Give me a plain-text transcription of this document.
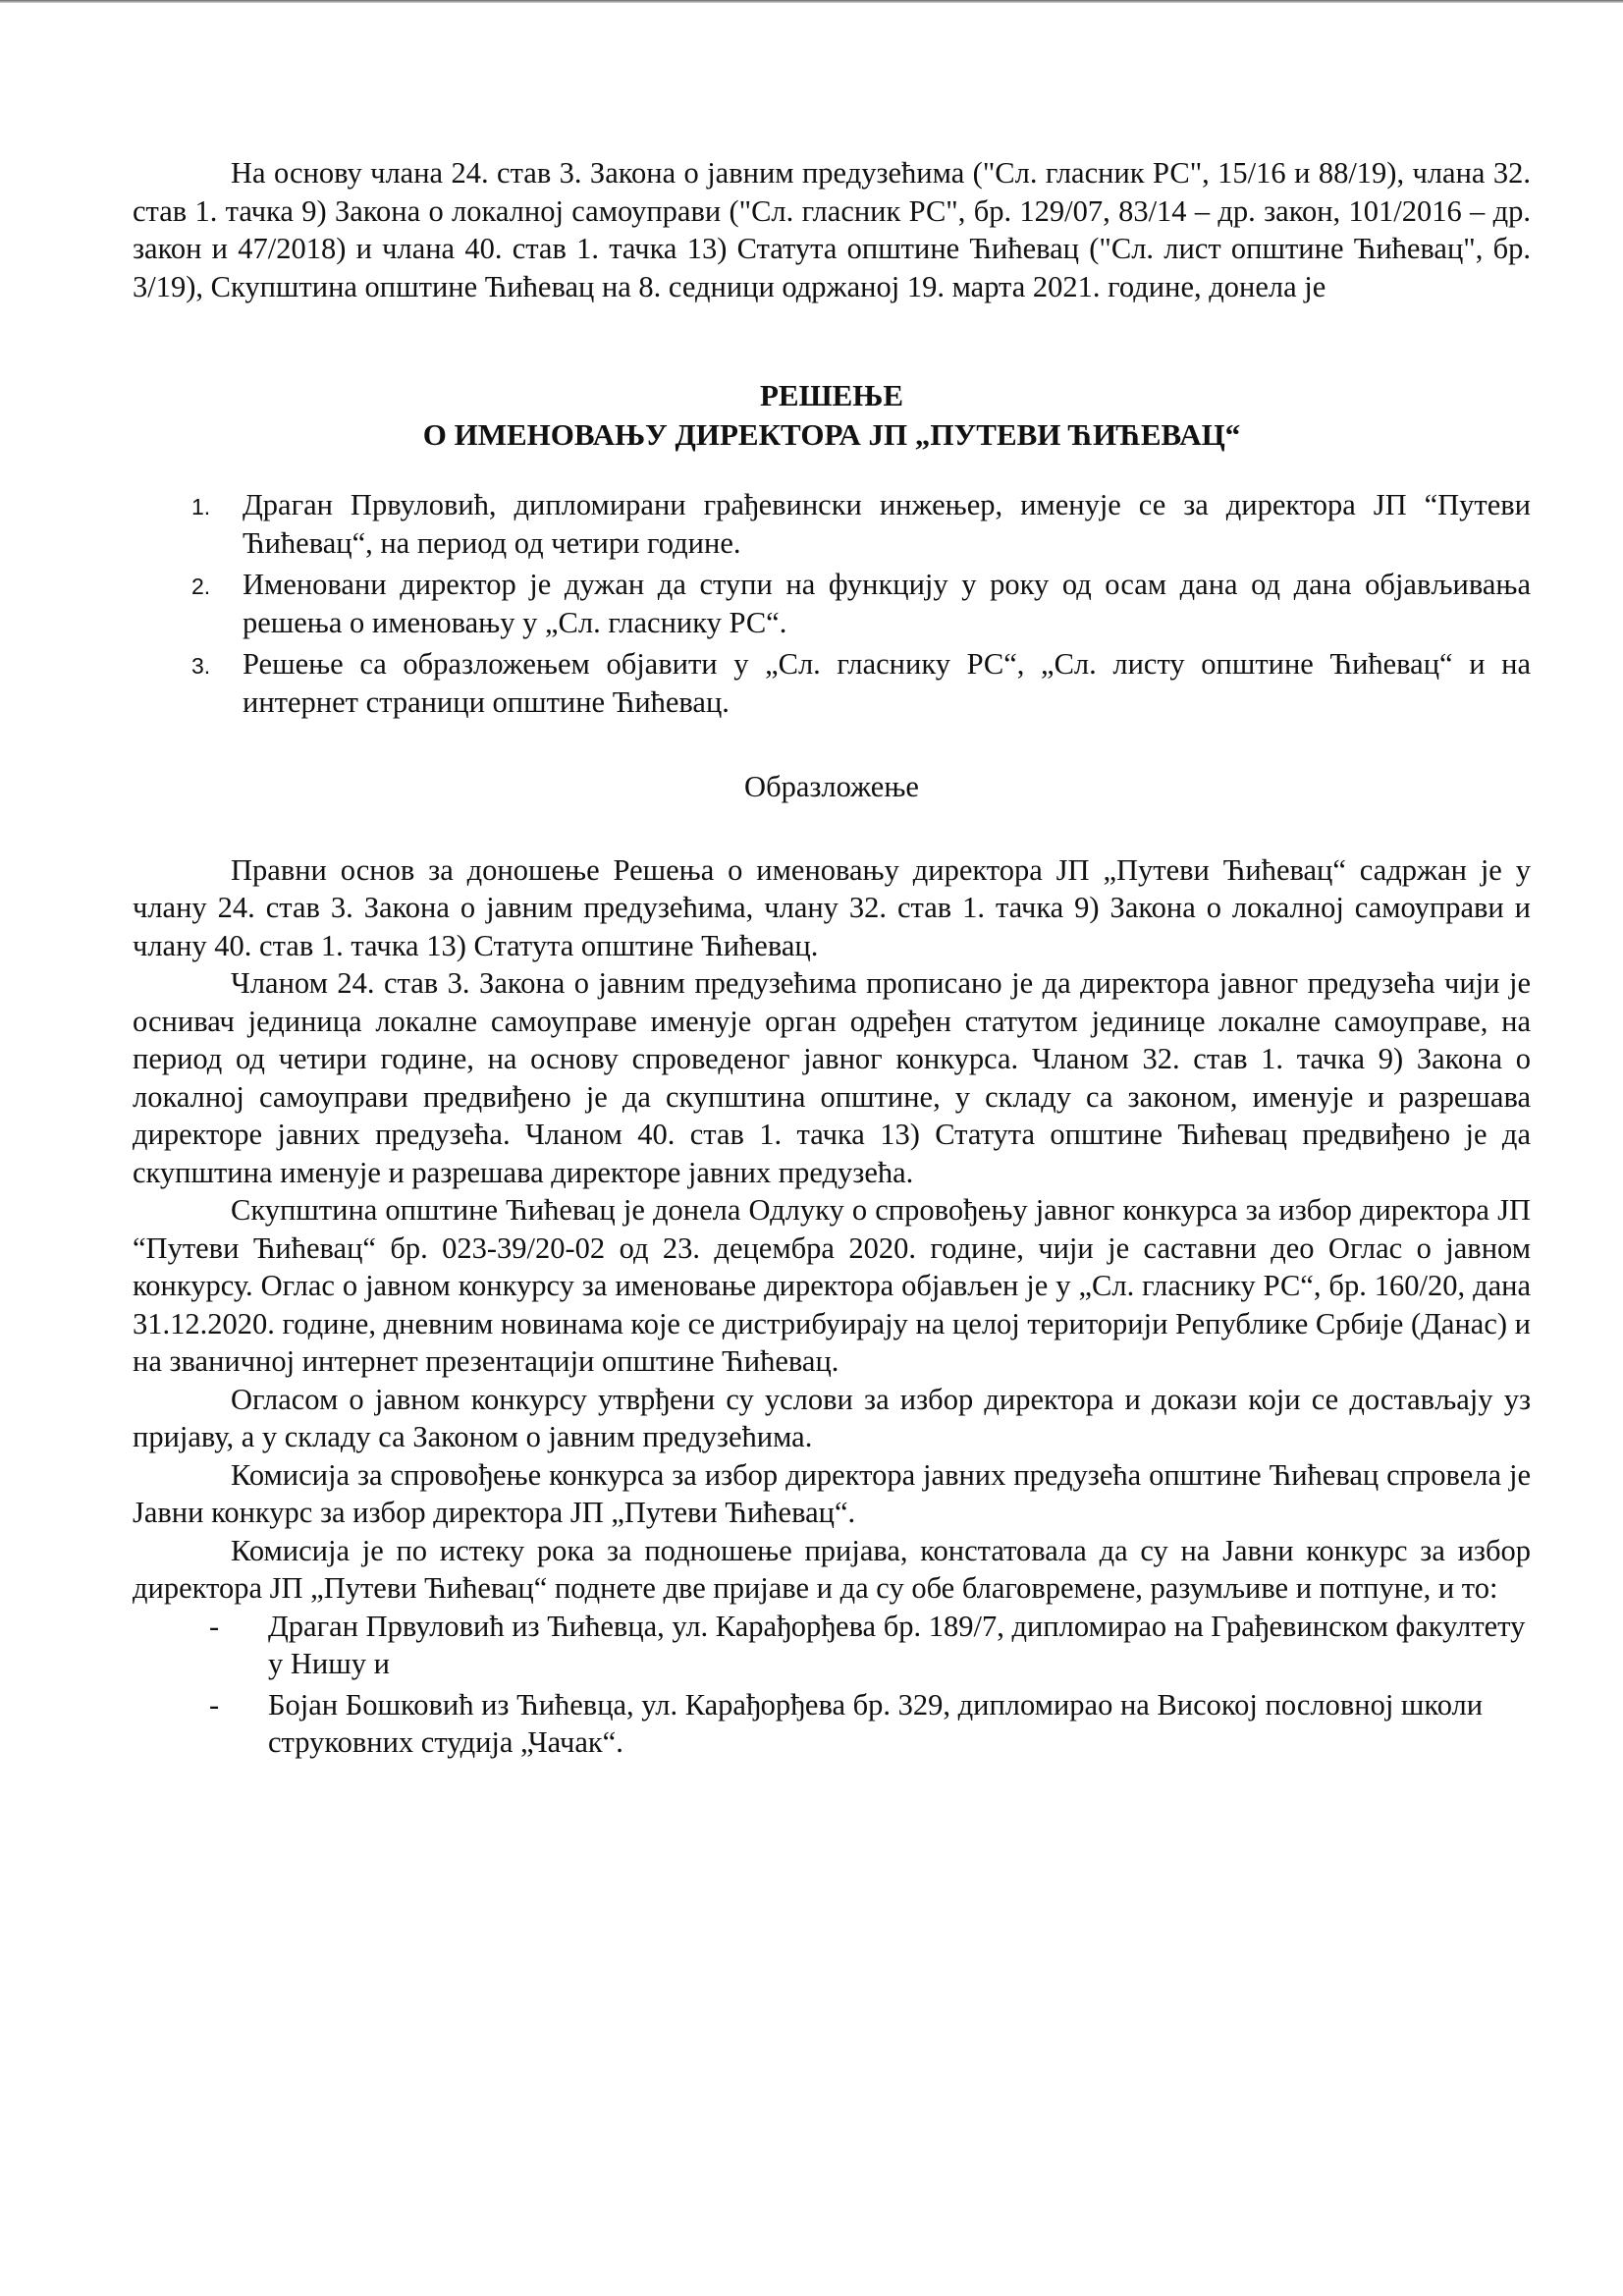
На основу члана 24. став 3. Закона о јавним предузећима ("Сл. гласник РС", 15/16 и 88/19), члана 32. став 1. тачка 9) Закона о локалној самоуправи ("Сл. гласник РС", бр. 129/07, 83/14 – др. закон, 101/2016 – др. закон и 47/2018) и члана 40. став 1. тачка 13) Статута општине Ћићевац ("Сл. лист општине Ћићевац", бр. 3/19), Скупштина општине Ћићевац на 8. седници одржаној 19. марта 2021. године, донела је

РЕШЕЊЕ
О ИМЕНОВАЊУ ДИРЕКТОРА ЈП „ПУТЕВИ ЋИЋЕВАЦ“
1. Драган Првуловић, дипломирани грађевински инжењер, именује се за директора ЈП “Путеви Ћићевац“, на период од четири године.
2. Именовани директор је дужан да ступи на функцију у року од осам дана од дана објављивања решења о именовању у „Сл. гласнику РС“.
3. Решење са образложењем објавити у „Сл. гласнику РС“, „Сл. листу општине Ћићевац“ и на интернет страници општине Ћићевац.
Образложење

Правни основ за доношење Решења о именовању директора ЈП „Путеви Ћићевац“ садржан је у члану 24. став 3. Закона о јавним предузећима, члану 32. став 1. тачка 9) Закона о локалној самоуправи и члану 40. став 1. тачка 13) Статута општине Ћићевац.

Чланом 24. став 3. Закона о јавним предузећима прописано је да директора јавног предузећа чији је оснивач јединица локалне самоуправе именује орган одређен статутом јединице локалне самоуправе, на период од четири године, на основу спроведеног јавног конкурса. Чланом 32. став 1. тачка 9) Закона о локалној самоуправи предвиђено је да скупштина општине, у складу са законом, именује и разрешава директоре јавних предузећа. Чланом 40. став 1. тачка 13) Статута општине Ћићевац предвиђено је да скупштина именује и разрешава директоре јавних предузећа.

Скупштина општине Ћићевац је донела Одлуку о спровођењу јавног конкурса за избор директора ЈП “Путеви Ћићевац“ бр. 023-39/20-02 од 23. децембра 2020. године, чији је саставни део Оглас о јавном конкурсу. Оглас о јавном конкурсу за именовање директора објављен је у „Сл. гласнику РС“, бр. 160/20, дана 31.12.2020. године, дневним новинама које се дистрибуирају на целој територији Републике Србије (Данас) и на званичној интернет презентацији општине Ћићевац.

Огласом о јавном конкурсу утврђени су услови за избор директора и докази који се достављају уз пријаву, а у складу са Законом о јавним предузећима.

Комисија за спровођење конкурса за избор директора јавних предузећа општине Ћићевац спровела је Јавни конкурс за избор директора ЈП „Путеви Ћићевац“.

Комисија је по истеку рока за подношење пријава, констатовала да су на Јавни конкурс за избор директора ЈП „Путеви Ћићевац“ поднете две пријаве и да су обе благовремене, разумљиве и потпуне, и то:

- Драган Првуловић из Ћићевца, ул. Карађорђева бр. 189/7, дипломирао на Грађевинском факултету у Нишу и
- Бојан Бошковић из Ћићевца, ул. Карађорђева бр. 329, дипломирао на Високој пословној школи струковних студија „Чачак“.
